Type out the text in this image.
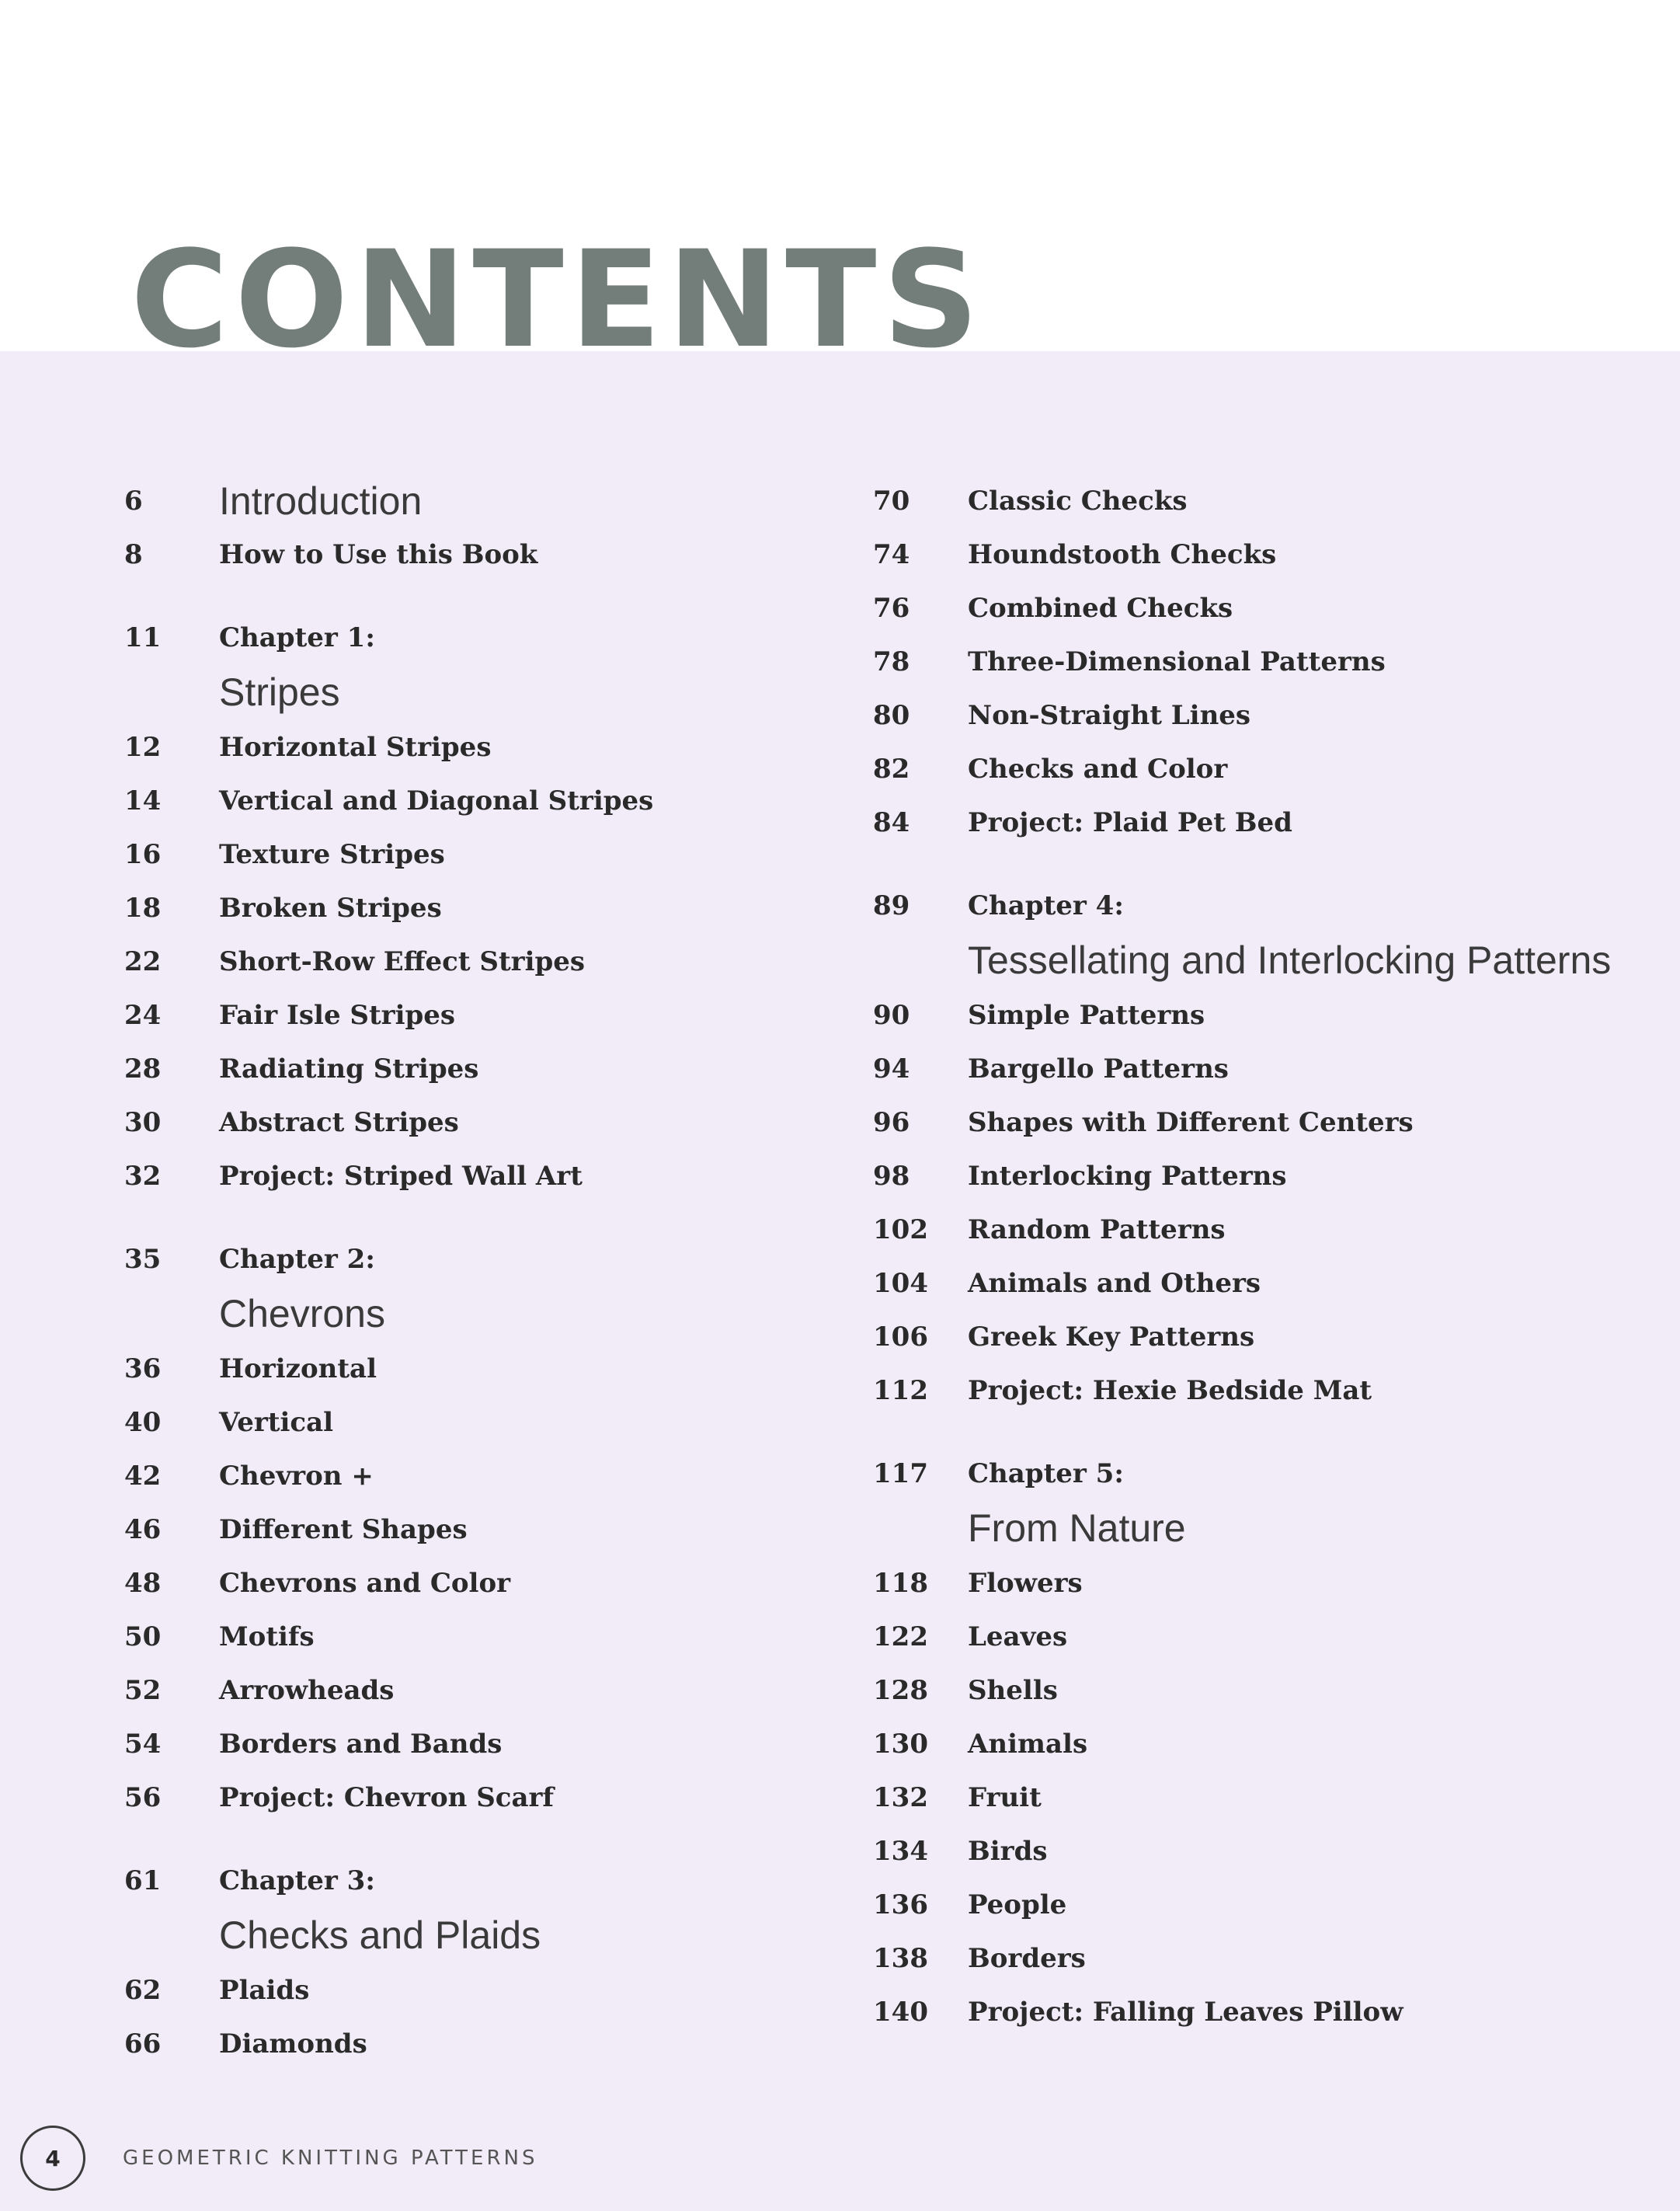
CONTENTS
6	Introduction
8	How to Use this Book
11	Chapter 1:
Stripes
12	Horizontal Stripes
14	Vertical and Diagonal Stripes
16	Texture Stripes
18	Broken Stripes
22	Short-Row Effect Stripes
24	Fair Isle Stripes
28	Radiating Stripes
30	Abstract Stripes
32	Project: Striped Wall Art
35	Chapter 2:
Chevrons
36	Horizontal
40	Vertical
42	Chevron +
46	Different Shapes
48	Chevrons and Color
50	Motifs
52	Arrowheads
54	Borders and Bands
56	Project: Chevron Scarf
61	Chapter 3:
Checks and Plaids
62	Plaids
66	Diamonds
70	Classic Checks
74	Houndstooth Checks
76	Combined Checks
78	Three-Dimensional Patterns
80	Non-Straight Lines
82	Checks and Color
84	Project: Plaid Pet Bed
89	Chapter 4:
Tessellating and Interlocking Patterns
90	Simple Patterns
94	Bargello Patterns
96	Shapes with Different Centers
98	Interlocking Patterns
102	Random Patterns
104	Animals and Others
106	Greek Key Patterns
112	Project: Hexie Bedside Mat
117	Chapter 5:
From Nature
118	Flowers
122	Leaves
128	Shells
130	Animals
132	Fruit
134	Birds
136	People
138	Borders
140	Project: Falling Leaves Pillow
4	GEOMETRIC KNITTING PATTERNS
